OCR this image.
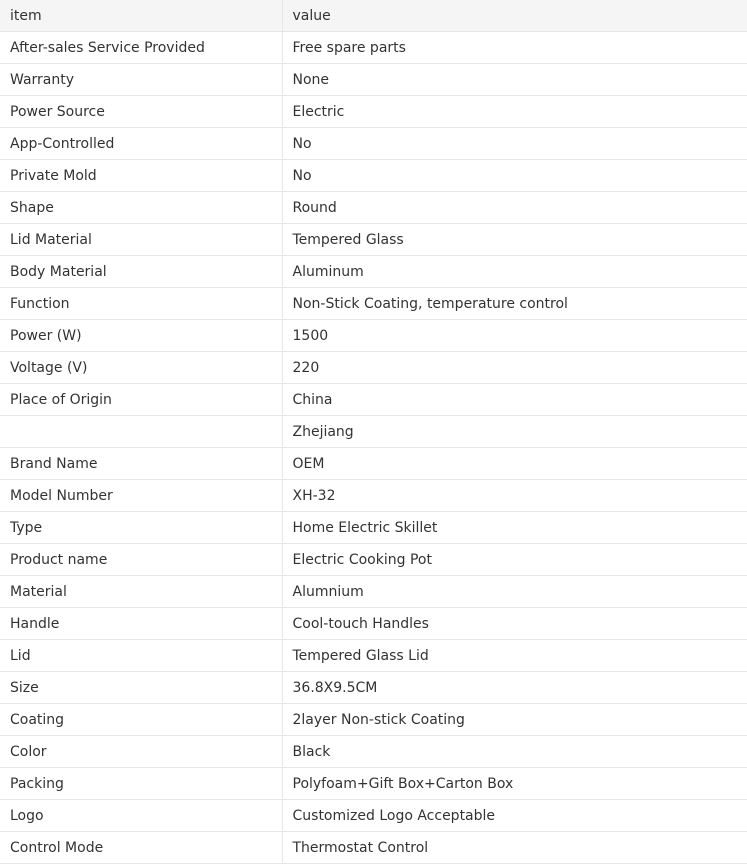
item	value
After-sales Service Provided	Free spare parts
Warranty	None
Power Source	Electric
App-Controlled	No
Private Mold	No
Shape	Round
Lid Material	Tempered Glass
Body Material	Aluminum
Function	Non-Stick Coating, temperature control
Power (W)	1500
Voltage (V)	220
Place of Origin	China
	Zhejiang
Brand Name	OEM
Model Number	XH-32
Type	Home Electric Skillet
Product name	Electric Cooking Pot
Material	Alumnium
Handle	Cool-touch Handles
Lid	Tempered Glass Lid
Size	36.8X9.5CM
Coating	2layer Non-stick Coating
Color	Black
Packing	Polyfoam+Gift Box+Carton Box
Logo	Customized Logo Acceptable
Control Mode	Thermostat Control
